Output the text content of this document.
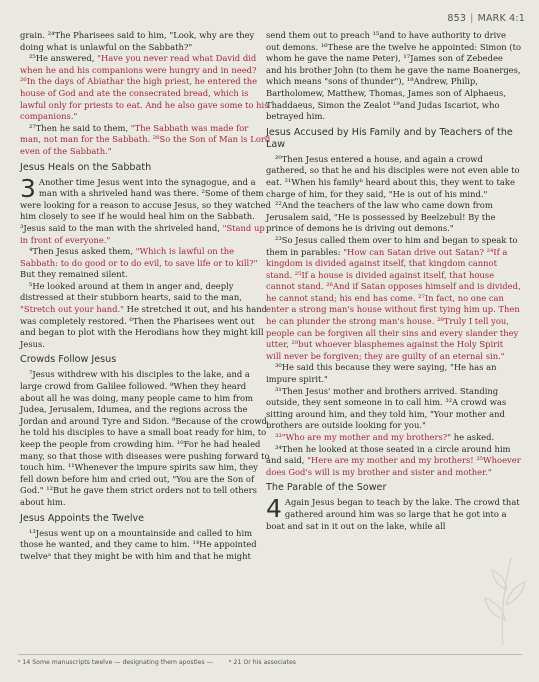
853 | MARK 4:1

grain. ²⁴The Pharisees said to him, "Look, why are they doing what is unlawful on the Sabbath?"

²⁵He answered, "Have you never read what David did when he and his companions were hungry and in need? ²⁶In the days of Abiathar the high priest, he entered the house of God and ate the consecrated bread, which is lawful only for priests to eat. And he also gave some to his companions."

²⁷Then he said to them, "The Sabbath was made for man, not man for the Sabbath. ²⁸So the Son of Man is Lord even of the Sabbath."

Jesus Heals on the Sabbath

3 Another time Jesus went into the synagogue, and a man with a shriveled hand was there. ²Some of them were looking for a reason to accuse Jesus, so they watched him closely to see if he would heal him on the Sabbath. ³Jesus said to the man with the shriveled hand, "Stand up in front of everyone."

⁴Then Jesus asked them, "Which is lawful on the Sabbath: to do good or to do evil, to save life or to kill?" But they remained silent.

⁵He looked around at them in anger and, deeply distressed at their stubborn hearts, said to the man, "Stretch out your hand." He stretched it out, and his hand was completely restored. ⁶Then the Pharisees went out and began to plot with the Herodians how they might kill Jesus.

Crowds Follow Jesus

⁷Jesus withdrew with his disciples to the lake, and a large crowd from Galilee followed. ⁸When they heard about all he was doing, many people came to him from Judea, Jerusalem, Idumea, and the regions across the Jordan and around Tyre and Sidon. ⁹Because of the crowd he told his disciples to have a small boat ready for him, to keep the people from crowding him. ¹⁰For he had healed many, so that those with diseases were pushing forward to touch him. ¹¹Whenever the impure spirits saw him, they fell down before him and cried out, "You are the Son of God." ¹²But he gave them strict orders not to tell others about him.

Jesus Appoints the Twelve

¹³Jesus went up on a mountainside and called to him those he wanted, and they came to him. ¹⁴He appointed twelveᵃ that they might be with him and that he might

send them out to preach ¹⁵and to have authority to drive out demons. ¹⁶These are the twelve he appointed: Simon (to whom he gave the name Peter), ¹⁷James son of Zebedee and his brother John (to them he gave the name Boanerges, which means "sons of thunder"), ¹⁸Andrew, Philip, Bartholomew, Matthew, Thomas, James son of Alphaeus, Thaddaeus, Simon the Zealot ¹⁹and Judas Iscariot, who betrayed him.

Jesus Accused by His Family and by Teachers of the Law

²⁰Then Jesus entered a house, and again a crowd gathered, so that he and his disciples were not even able to eat. ²¹When his familyᵇ heard about this, they went to take charge of him, for they said, "He is out of his mind."

²²And the teachers of the law who came down from Jerusalem said, "He is possessed by Beelzebul! By the prince of demons he is driving out demons."

²³So Jesus called them over to him and began to speak to them in parables: "How can Satan drive out Satan? ²⁴If a kingdom is divided against itself, that kingdom cannot stand. ²⁵If a house is divided against itself, that house cannot stand. ²⁶And if Satan opposes himself and is divided, he cannot stand; his end has come. ²⁷In fact, no one can enter a strong man's house without first tying him up. Then he can plunder the strong man's house. ²⁸Truly I tell you, people can be forgiven all their sins and every slander they utter, ²⁹but whoever blasphemes against the Holy Spirit will never be forgiven; they are guilty of an eternal sin."

³⁰He said this because they were saying, "He has an impure spirit."

³¹Then Jesus' mother and brothers arrived. Standing outside, they sent someone in to call him. ³²A crowd was sitting around him, and they told him, "Your mother and brothers are outside looking for you."

³³"Who are my mother and my brothers?" he asked.

³⁴Then he looked at those seated in a circle around him and said, "Here are my mother and my brothers! ³⁵Whoever does God's will is my brother and sister and mother."

The Parable of the Sower

4 Again Jesus began to teach by the lake. The crowd that gathered around him was so large that he got into a boat and sat in it out on the lake, while all

ᵃ 14 Some manuscripts twelve — designating them apostles —	ᵇ 21 Or his associates
